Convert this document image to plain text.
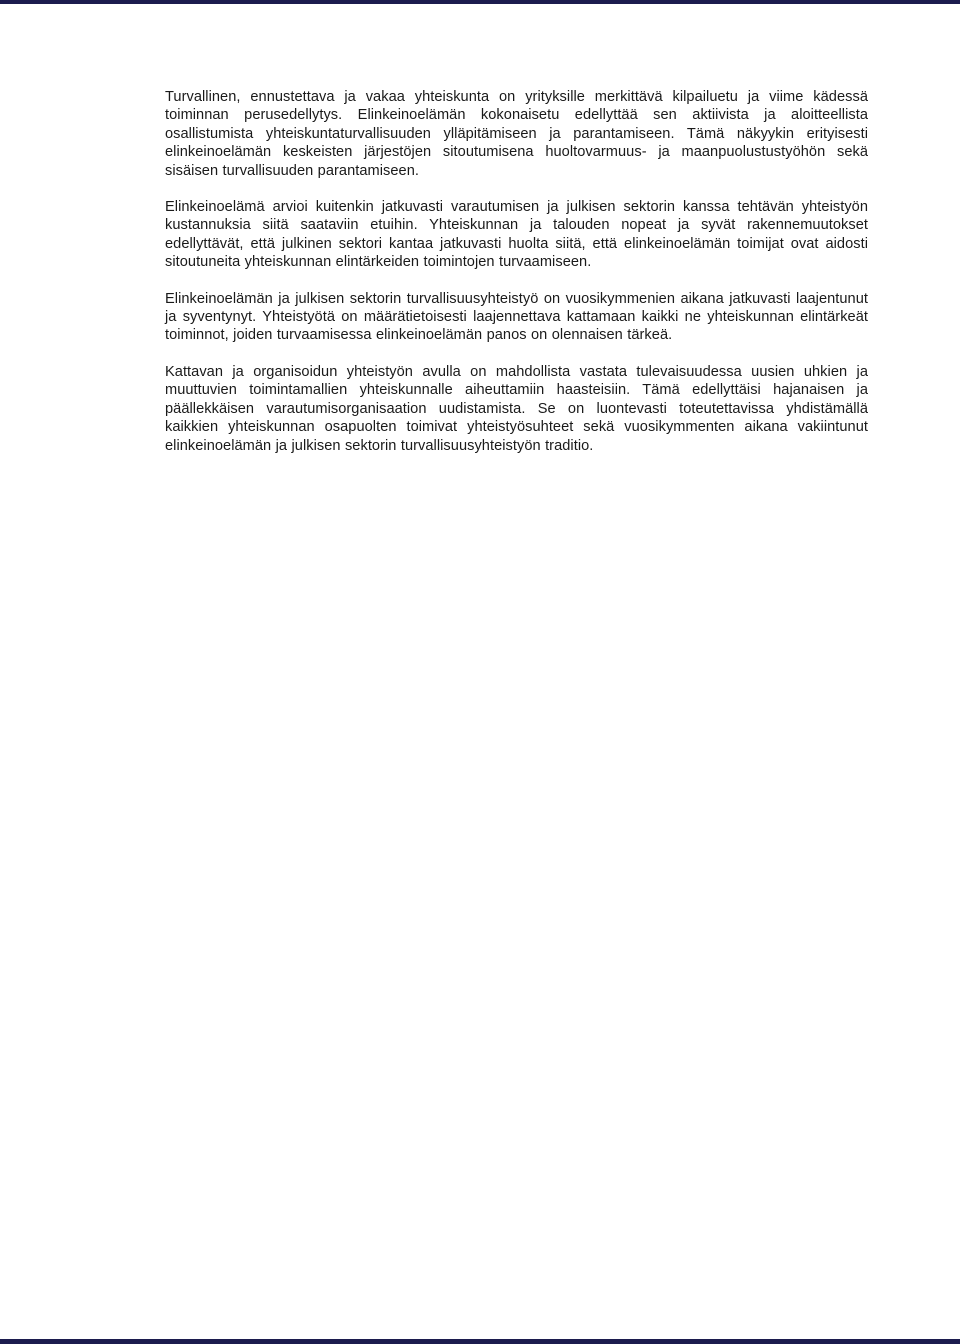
Turvallinen, ennustettava ja vakaa yhteiskunta on yrityksille merkittävä kilpailuetu ja viime kädessä toiminnan perusedellytys. Elinkeinoelämän kokonaisetu edellyttää sen aktiivista ja aloitteellista osallistumista yhteiskuntaturvallisuuden ylläpitämiseen ja parantamiseen. Tämä näkyykin erityisesti elinkeinoelämän keskeisten järjestöjen sitoutumisena huoltovarmuus- ja maanpuolustustyöhön sekä sisäisen turvallisuuden parantamiseen.

Elinkeinoelämä arvioi kuitenkin jatkuvasti varautumisen ja julkisen sektorin kanssa tehtävän yhteistyön kustannuksia siitä saataviin etuihin. Yhteiskunnan ja talouden nopeat ja syvät rakennemuutokset edellyttävät, että julkinen sektori kantaa jatkuvasti huolta siitä, että elinkeinoelämän toimijat ovat aidosti sitoutuneita yhteiskunnan elintärkeiden toimintojen turvaamiseen.

Elinkeinoelämän ja julkisen sektorin turvallisuusyhteistyö on vuosikymmenien aikana jatkuvasti laajentunut ja syventynyt. Yhteistyötä on määrätietoisesti laajennettava kattamaan kaikki ne yhteiskunnan elintärkeät toiminnot, joiden turvaamisessa elinkeinoelämän panos on olennaisen tärkeä.

Kattavan ja organisoidun yhteistyön avulla on mahdollista vastata tulevaisuudessa uusien uhkien ja muuttuvien toimintamallien yhteiskunnalle aiheuttamiin haasteisiin. Tämä edellyttäisi hajanaisen ja päällekkäisen varautumisorganisaation uudistamista. Se on luontevasti toteutettavissa yhdistämällä kaikkien yhteiskunnan osapuolten toimivat yhteistyösuhteet sekä vuosikymmenten aikana vakiintunut elinkeinoelämän ja julkisen sektorin turvallisuusyhteistyön traditio.
